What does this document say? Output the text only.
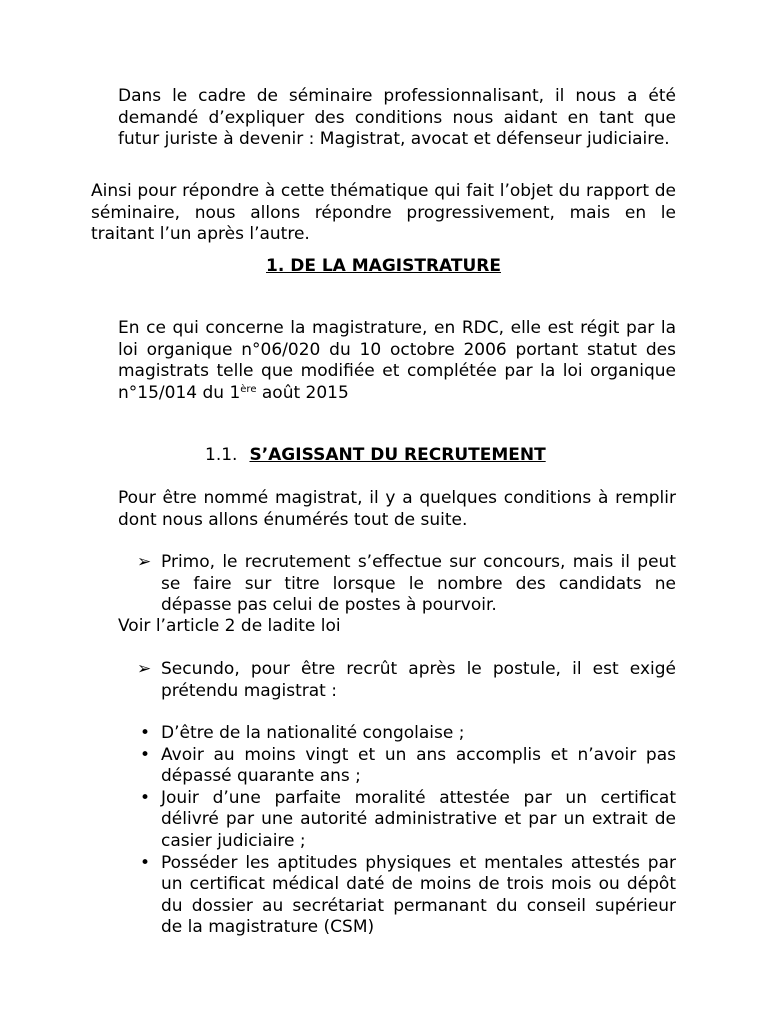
Dans le cadre de séminaire professionnalisant, il nous a été demandé d’expliquer des conditions nous aidant en tant que futur juriste à devenir : Magistrat, avocat et défenseur judiciaire.

Ainsi pour répondre à cette thématique qui fait l’objet du rapport de séminaire, nous allons répondre progressivement, mais en le traitant l’un après l’autre.

1. DE LA MAGISTRATURE

En ce qui concerne la magistrature, en RDC, elle est régit par la loi organique n°06/020 du 10 octobre 2006 portant statut des magistrats telle que modifiée et complétée par la loi organique n°15/014 du 1ère août 2015

1.1. S’AGISSANT DU RECRUTEMENT

Pour être nommé magistrat, il y a quelques conditions à remplir dont nous allons énumérés tout de suite.

➢ Primo, le recrutement s’effectue sur concours, mais il peut se faire sur titre lorsque le nombre des candidats ne dépasse pas celui de postes à pourvoir.

Voir l’article 2 de ladite loi

➢ Secundo, pour être recrût après le postule, il est exigé prétendu magistrat :
• D’être de la nationalité congolaise ;
• Avoir au moins vingt et un ans accomplis et n’avoir pas dépassé quarante ans ;
• Jouir d’une parfaite moralité attestée par un certificat délivré par une autorité administrative et par un extrait de casier judiciaire ;
• Posséder les aptitudes physiques et mentales attestés par un certificat médical daté de moins de trois mois ou dépôt du dossier au secrétariat permanant du conseil supérieur de la magistrature (CSM)
